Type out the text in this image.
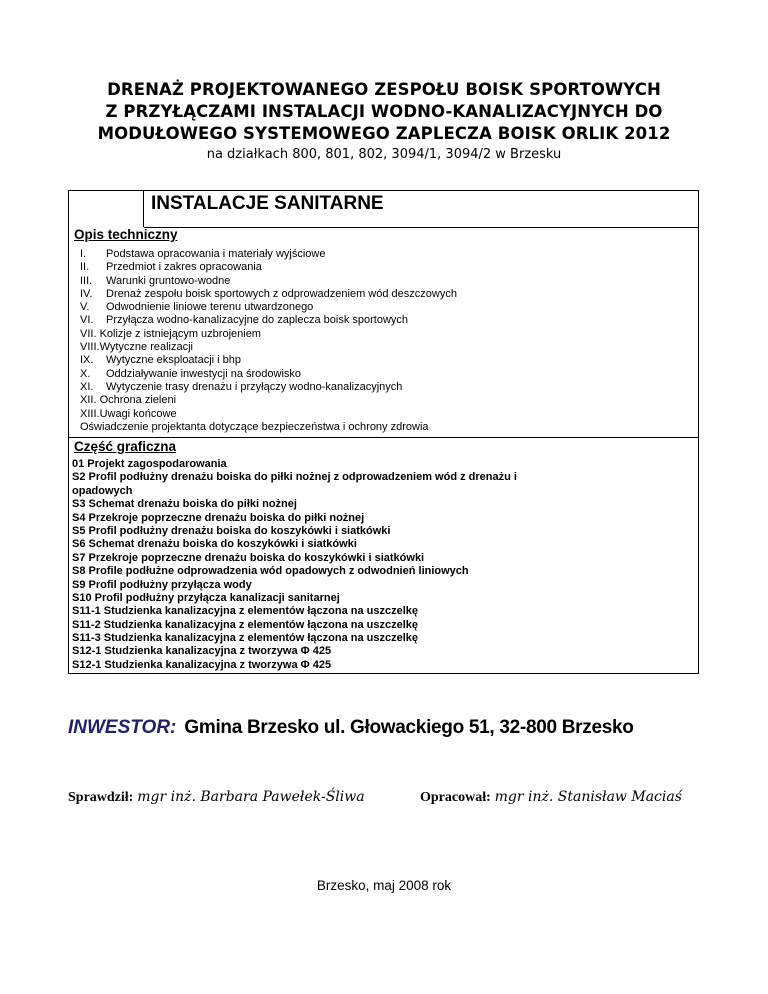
DRENAŻ PROJEKTOWANEGO ZESPOŁU BOISK SPORTOWYCH
Z PRZYŁĄCZAMI INSTALACJI WODNO-KANALIZACYJNYCH DO
MODUŁOWEGO SYSTEMOWEGO ZAPLECZA BOISK ORLIK 2012
na działkach 800, 801, 802, 3094/1, 3094/2 w Brzesku
INSTALACJE SANITARNE
Opis techniczny
I. Podstawa opracowania i materiały wyjściowe
II. Przedmiot i zakres opracowania
III. Warunki gruntowo-wodne
IV. Drenaż zespołu boisk sportowych z odprowadzeniem wód deszczowych
V. Odwodnienie liniowe terenu utwardzonego
VI. Przyłącza wodno-kanalizacyjne do zaplecza boisk sportowych
VII. Kolizje z istniejącym uzbrojeniem
VIII.Wytyczne realizacji
IX. Wytyczne eksploatacji i bhp
X. Oddziaływanie inwestycji na środowisko
XI. Wytyczenie trasy drenażu i przyłączy wodno-kanalizacyjnych
XII. Ochrona zieleni
XIII.Uwagi końcowe
Oświadczenie projektanta dotyczące bezpieczeństwa i ochrony zdrowia
Część graficzna
01 Projekt zagospodarowania
S2 Profil podłużny drenażu boiska do piłki nożnej z odprowadzeniem wód z drenażu i
opadowych
S3 Schemat drenażu boiska do piłki nożnej
S4 Przekroje poprzeczne drenażu boiska do piłki nożnej
S5 Profil podłużny drenażu boiska do koszykówki i siatkówki
S6 Schemat drenażu boiska do koszykówki i siatkówki
S7 Przekroje poprzeczne drenażu boiska do koszykówki i siatkówki
S8 Profile podłużne odprowadzenia wód opadowych z odwodnień liniowych
S9 Profil podłużny przyłącza wody
S10 Profil podłużny przyłącza kanalizacji sanitarnej
S11-1 Studzienka kanalizacyjna z elementów łączona na uszczelkę
S11-2 Studzienka kanalizacyjna z elementów łączona na uszczelkę
S11-3 Studzienka kanalizacyjna z elementów łączona na uszczelkę
S12-1 Studzienka kanalizacyjna z tworzywa Φ 425
S12-1 Studzienka kanalizacyjna z tworzywa Φ 425
INWESTOR: Gmina Brzesko ul. Głowackiego 51, 32-800 Brzesko
Sprawdził: mgr inż. Barbara Pawełek-Śliwa	Opracował: mgr inż. Stanisław Maciaś
Brzesko, maj 2008 rok
